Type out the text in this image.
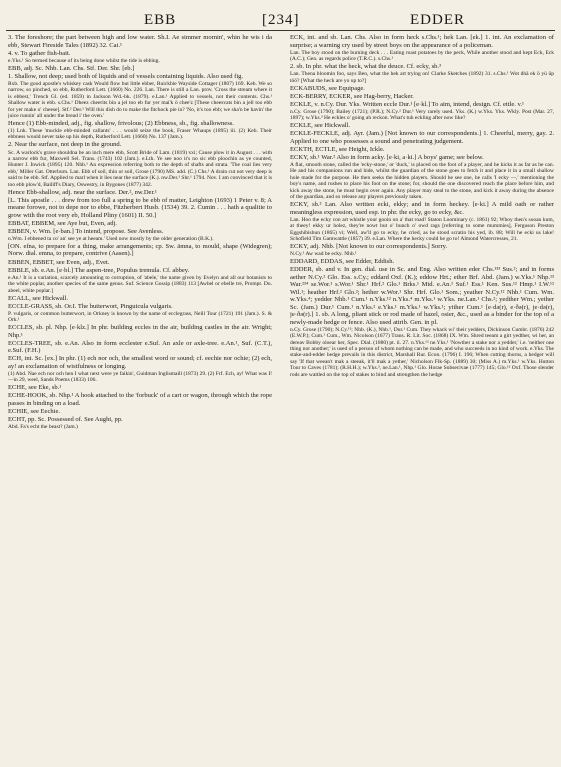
EBB	[234]	EDDER

3. The foreshore; the part between high and low water. Sh.I. Ae simmer mornin', whin he wis i da ebb, Stewart Fireside Tales (1892) 32. Cai.¹

4. v. To gather fish-bait.

e.Yks.¹ So termed because of its being done whilst the tide is ebbing.

EBB, adj. Sc. Nhb. Lan. Chs. Stf. Der. Shr. [eb.]

1. Shallow, not deep; used both of liquids and of vessels containing liquids. Also used fig.

Rxb. The good apostle's whiskey cask Would flow but little ebber, Ruickbie Wayside Cottager (1807) 169. Keb. We so narrow, so pinched, so ebb, Rutherford Lett. (1660) No. 226. Lan. There is still a Lan. prov. 'Cross the stream where it is ebbest,' Trench Gl. (ed. 1859) in Jackson Wd.-bk. (1879). e.Lan.¹ Applied to vessels, not their contents. Chs.¹ Shallow water is ebb. s.Chs.¹ Dheez cheerits bin a jel too eb fur yer mai'k ö chee'z [These cheesvats bin a jell too ebb for yer make o' cheese]. Stf.² Der.¹ Will this dish do to make the fitchock pie in? 'No, it's too ebb; we sha'n be havin' the juice runnin' all under the bread i' the oven.'

Hence (1) Ebb-minded, adj., fig. shallow, frivolous; (2) Ebbness, sb., fig. shallowness.

(1) Lnk. These 'muckle ebb-minded callants' . . . would seize the book, Fraser Whaups (1895) iii. (2) Keb. Their ebbness would never take up his depth, Rutherford Lett. (1660) No. 137 (Jam.).

2. Near the surface, not deep in the ground.

Sc. A warlock's grave shouldna be an inch mere ebb, Scott Bride of Lam. (1819) xxi; Cause plow it in August . . . with a narrow ebb fur, Maxwell Sel. Trans. (1743) 102 (Jam.). e.Lth. Ye see noo it's no sic ebb ploochin as ye counted, Hunter J. Inwick (1895) 120. Nhb.¹ An expression referring both to the depth of shafts and strata. 'The coal lies very ebb,' Miller Gat. Otterburn. Lan. Ebb of soil, thin or soil, Grose (1790) MS. add. (C.) Chs.¹ A drain cut not very deep is said to be ebb. Stf. Applied to marl when it lies near the surface (K.). nw.Der.¹ Shr.¹ 1794. Nov. I am convinced that it is too ebb plow'd, Bailiff's Diary, Oswestry, in Bygones (1877) 342.

Hence Ebb-shallow, adj. near the surface. Der.², nw.Der.¹

[L. This apostle . . . drew from too full a spring to be ebb of matter, Leighton (1693) 1 Peter v. 8; A meane forowe, not to depe nor to ebbe, Fitzherbert Husb. (1534) 39. 2. Cumin . . . hath a qualitie to grow with the root very eb, Holland Pliny (1601) II. 50.]

EBBAT, EBBEM, see Aye but, Even, adj.

EBBEN, v. Wm. [e·ban.] To intend, propose. See Avenless.

n.Wm. I ebbened ta co' an' see ye at heeam.' Used now mostly by the older generation (B.K.).

[ON. efna, to prepare for a thing, make arrangements; cp. Sw. ämna, to mould, shape (Widegren); Norw. dial. emna, to prepare, contrive (Aasen).]

EBBEN, EBBET, see Even, adj., Evet.

EBBLE, sb. e.An. [e·bl.] The aspen-tree, Populus tremula. Cf. abbey.

e.An.¹ It is a variation, scarcely amounting to corruption, of 'abele,' the name given by Evelyn and all our botanists to the white poplar, another species of the same genus. Suf. Science Gossip (1883) 113 [Awbel or ebelle tre, Prompt. Du. abeel, white poplar.]

ECALL, see Hickwall.

ECCLE-GRASS, sb. Or.I. The butterwort, Pinguicula vulgaris.

P. vulgaris, or common butterwort, in Orkney is known by the name of ecclegrass, Neill Tour (1721) 191 (Jam.). S. & Ork.¹

ECCLES, sb. pl. Nhp. [e·klz.] In phr. building eccles in the air, building castles in the air. Wright; Nhp.¹

ECCLES-TREE, sb. e.An. Also in form ecclester e.Suf. An axle or axle-tree. e.An.¹, Suf. (C.T.), e.Suf. (F.H.)

ECH, int. Sc. [ex.] In phr. (1) ech nor och, the smallest word or sound; cf. eechie nor ochie; (2) ech, ay! an exclamation of wistfulness or longing.

(1) Abd. Nae ech nor och hen I what next were ye faikin', Guidman Inglismaill (1873) 29. (2) Frf. Ech, ay! What was I!—in 29, weel, Sands Poems (1833) 106.

ECHE, see Eke, sb.¹

ECHE-HOOK, sb. Nhp.¹ A hook attached to the 'forbuck' of a cart or wagon, through which the rope passes in binding on a load.

ECHIE, see Eechie.

ECHT, pp. Sc. Possessed of. See Aught, pp.

Abd. Fa's echt the beast? (Jam.)

ECK, int. and sb. Lan. Chs. Also in form heck s.Chs.¹; hek Lan. [ek.] 1. int. An exclamation of surprise; a warning cry used by street boys on the appearance of a policeman.

Lan. The boy stood on the burning deck . . . Eating roast potatoes by the peck, While another stood and kept Eck, Eck (A.C.); Gen. as regards police (T.R.C.). s.Chs.¹

2. sb. In phr. what the heck, what the deuce. Cf. ecky, sb.³

Lan. Thena bloomin foo, says Ben, what the hek art trying on! Clarke Sketches (1892) 31. s.Chs.¹ Wot dhä ek ö yü üp töö? [What the heck are yo up to?]

ECKABUDS, see Equipage.

ECK-BERRY, ECKER, see Hag-berry, Hacker.

ECKLE, v. n.Cy. Dur. Yks. Written eccle Dur.¹ [e·kl.] To aim, intend, design. Cf. ettle. v.¹

n.Cy. Grose (1790); Bailey (1721); (P.R.); N.Cy.² Dur.¹ Very rarely used. Yks. (K.) w.Yks. Yks. Wkly. Post (Mar. 27, 1897); w.Yks.³ He eckles o' going ah reckon. What's tuh eckling after now like?

ECKLE, see Hickwall.

ECKLE-FECKLE, adj. Ayr. (Jam.) [Not known to our correspondents.] 1. Cheerful, merry, gay. 2. Applied to one who possesses a sound and penetrating judgement.

ECKTH, ECTLE, see Height, Ickle.

ECKY, sb.¹ War.² Also in form acky. [e·ki, a·ki.] A boys' game; see below.

A flat, smooth stone, called the 'ecky-stone,' or 'duck,' is placed on the foot of a player, and he kicks it as far as he can. He and his companions run and hide, whilst the guardian of the stone goes to fetch it and place it in a small shallow hole made for the purpose. He then seeks the hidden players. Should he see one, he calls 'I ecky —,' mentioning the boy's name, and rushes to place his foot on the stone; for, should the one discovered reach the place before him, and kick away the stone, he must begin over again. Any player may steal to the stone, and kick it away during the absence of the guardian, and so release any players previously taken.

ECKY, sb.² Lan. Also written ecki, ekky; and in form heckey. [e·ki.] A mild oath or rather meaningless expression, used esp. in phr. the ecky, go to ecky, &c.

Lan. Hoo the ecky con art whistle your gooin on a' that road! Staton Loominary (c. 1861) 92; Whoy then's sooan kum, at theey! ekky ur holez, they're nowt but o' bunch o' owd rags [referring to some mummies], Ferguson Preston Eggshibishun (1865) vi; Well, aw'll go to ecky, he cried, as he stood scratin his yed, ib. 88; Will he ecki us lake! Schofield Tim Gamwattle (1857) 39. e.Lan. Where the hecky could he go to! Almond Watercresses, 21.

ECKY, adj. Nhb. [Not known to our correspondents.] Sorry.

N.Cy.¹ Aw wad be ecky. Nhb.¹

EDDARD, EDDAS, see Edder, Eddish.

EDDER, sb. and v. In gen. dial. use in Sc. and Eng. Also written eder Chs.¹³³ Sus.²; and in forms aether N.Cy.² Glo. Ess. s.Cy.; eddard Oxf. (K.); eddow Hrt.; ether Brf. Abd. (Jam.) w.Yks.¹ Nhp.¹³ War.²³⁴ se.Wor.¹ s.Wor.¹ Shr.¹ Hrf.² Glo.¹ Brks.¹ Mid. e.An.¹ Suf.¹ Ess.¹ Ken. Sus.¹² Hmp.¹ I.W.¹² Wil.¹; heather Hrf.² Glo.²; hether w.Wor.¹ Shr. Hrf. Glo.¹ Som.; yeather N.Cy.¹² Nhb.¹ Cum. Wm. w.Yks.⁴; yedder Nhb.¹ Cum.¹ n.Yks.¹² n.Yks.⁴ m.Yks.¹ w.Yks. ne.Lan.¹ Chs.²; yedther Wm.; yether Sc. (Jam.) Dur.¹ Cum.¹ n.Yks.² e.Yks.¹ m.Yks.¹ w.Yks.¹; yither Cum.¹ [e·də(r), e·ðə(r), je·də(r), je·ðə(r).] 1. sb. A long, pliant stick or rod made of hazel, osier, &c., used as a binder for the top of a newly-made hedge or fence. Also used attrib. Gen. in pl.

n.Cy. Grose (1790); N.Cy.¹²; Nhb. (K.), Nhb.¹, Dur.¹ Cum. They whack wi' their yedders, Dickinson Cumbr. (1876) 242 (E.W.P.); Cum.¹ Cum., Wm. Nicolson (1677) Trans. R. Lit. Soc. (1868) IX. Wm. Shred teeam a girt yedther, wi her, an dereav Bobby oloear her, Spec. Dial. (1880) pt. ii. 27. n.Yks.¹² ne.Yks.¹ 'Nowther a stake nor a yedder,' i.e. 'neither one thing nor another;' is used of a person of whom nothing can be made, and who succeeds in no kind of work. e.Yks. The stake-and-edder hedge prevails in this district, Marshall Rur. Econ. (1796) I. 196; When cutting thorns, a hedger will say 'If that weean't mak a steeak, it'll mak a yether,' Nicholson Flk-Sp. (1889) 30; (Miss A.) m.Yks.¹ w.Yks. Hutton Tour to Caves (1781); (R.H.H.); w.Yks.³, ne.Lan.¹, Nhp.¹ Glo. Horae Subsecivae (1777) 145; Glo.¹² Oxf. Those slender rods are wattled on the top of stakes to bind and strengthen the hedge
